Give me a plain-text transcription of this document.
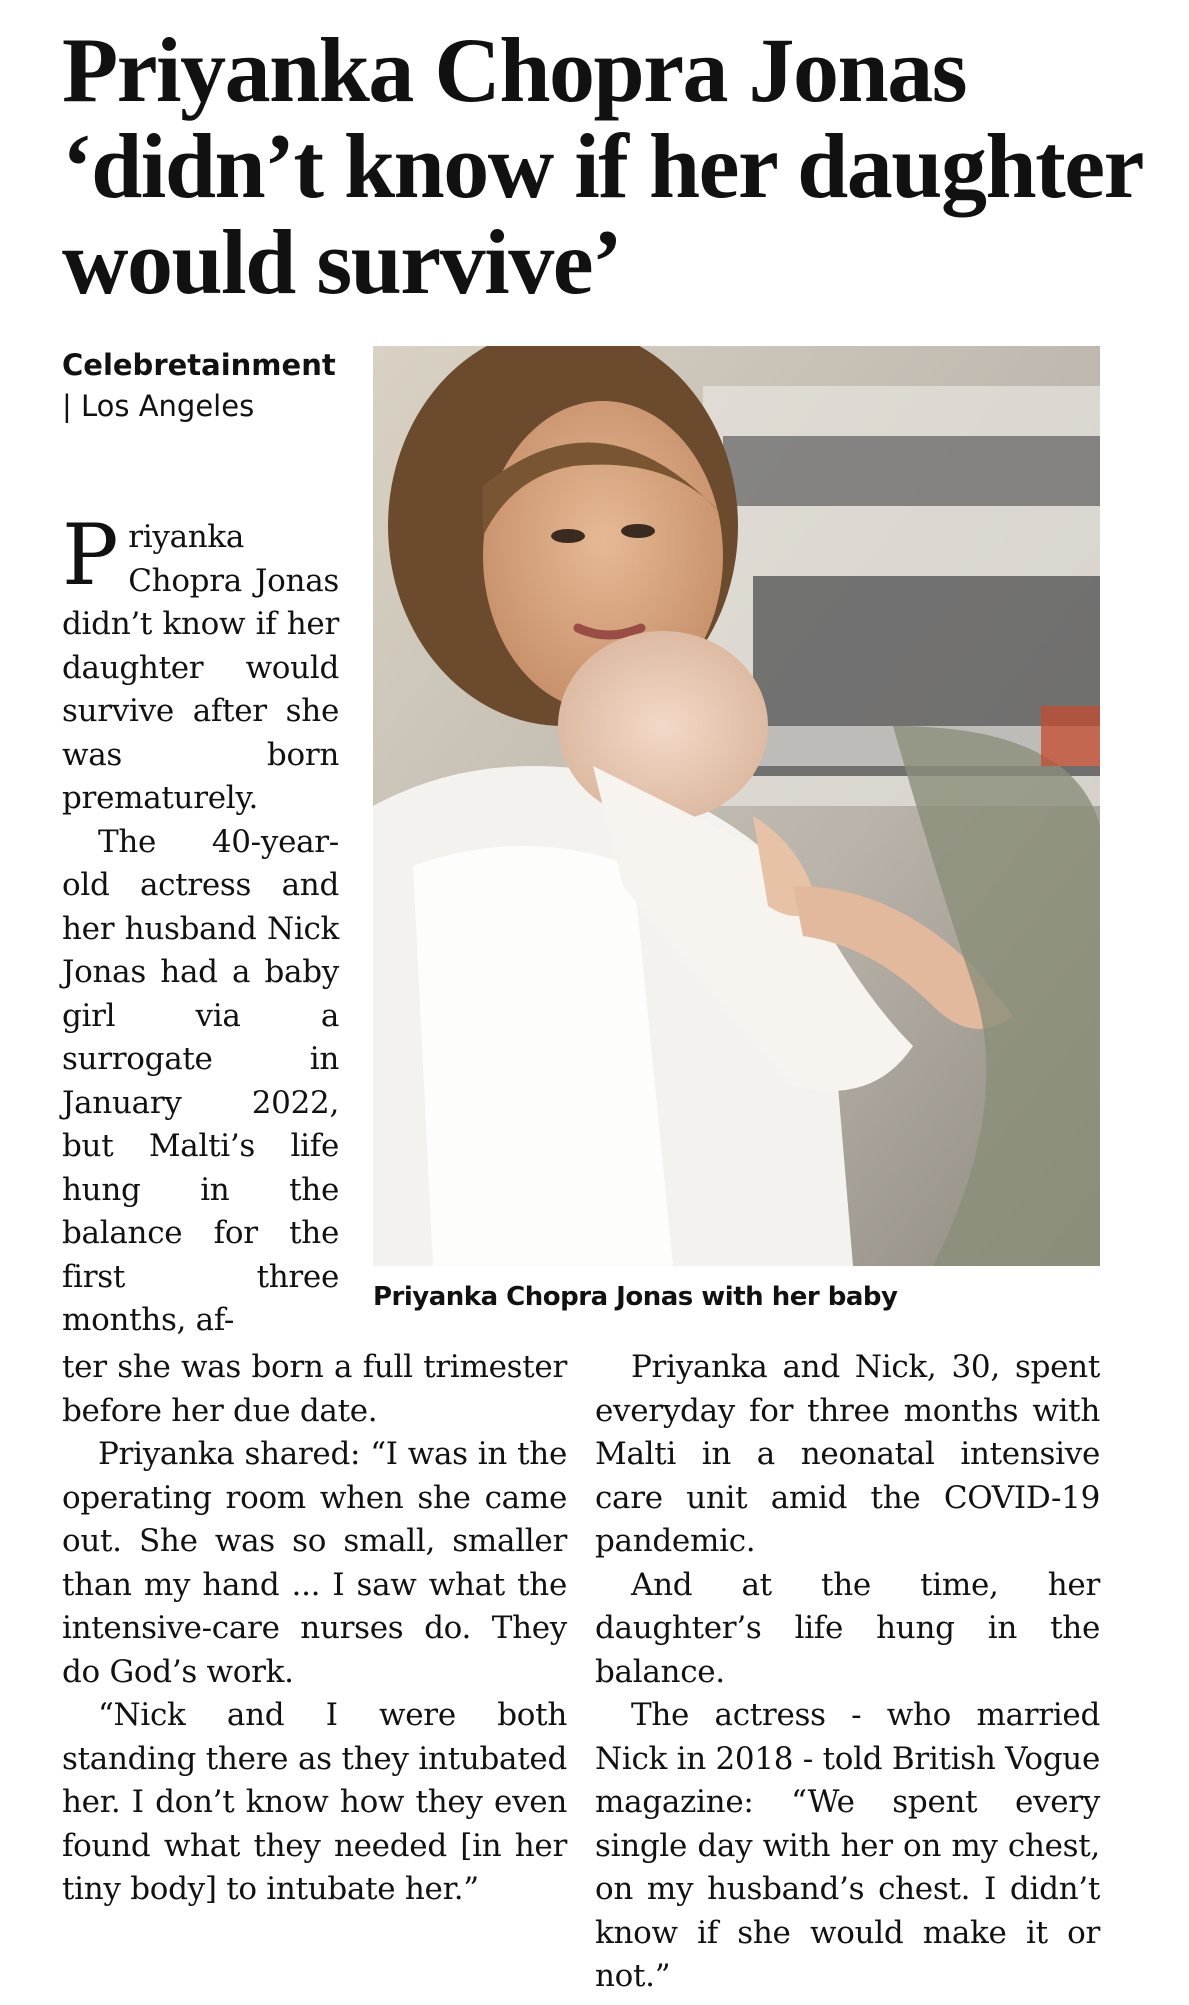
Priyanka Chopra Jonas ‘didn’t know if her daughter would survive’
Celebretainment | Los Angeles
Priyanka Chopra Jonas with her baby

Priyanka Chopra Jonas didn’t know if her daughter would survive after she was born prematurely.

The 40-year-old actress and her husband Nick Jonas had a baby girl via a surrogate in January 2022, but Malti’s life hung in the balance for the first three months, af-

ter she was born a full trimester before her due date.

Priyanka shared: “I was in the operating room when she came out. She was so small, smaller than my hand ... I saw what the intensive-care nurses do. They do God’s work.

“Nick and I were both standing there as they intubated her. I don’t know how they even found what they needed [in her tiny body] to intubate her.”

Priyanka and Nick, 30, spent everyday for three months with Malti in a neonatal intensive care unit amid the COVID-19 pandemic.

And at the time, her daughter’s life hung in the balance.

The actress - who married Nick in 2018 - told British Vogue magazine: “We spent every single day with her on my chest, on my husband’s chest. I didn’t know if she would make it or not.”
